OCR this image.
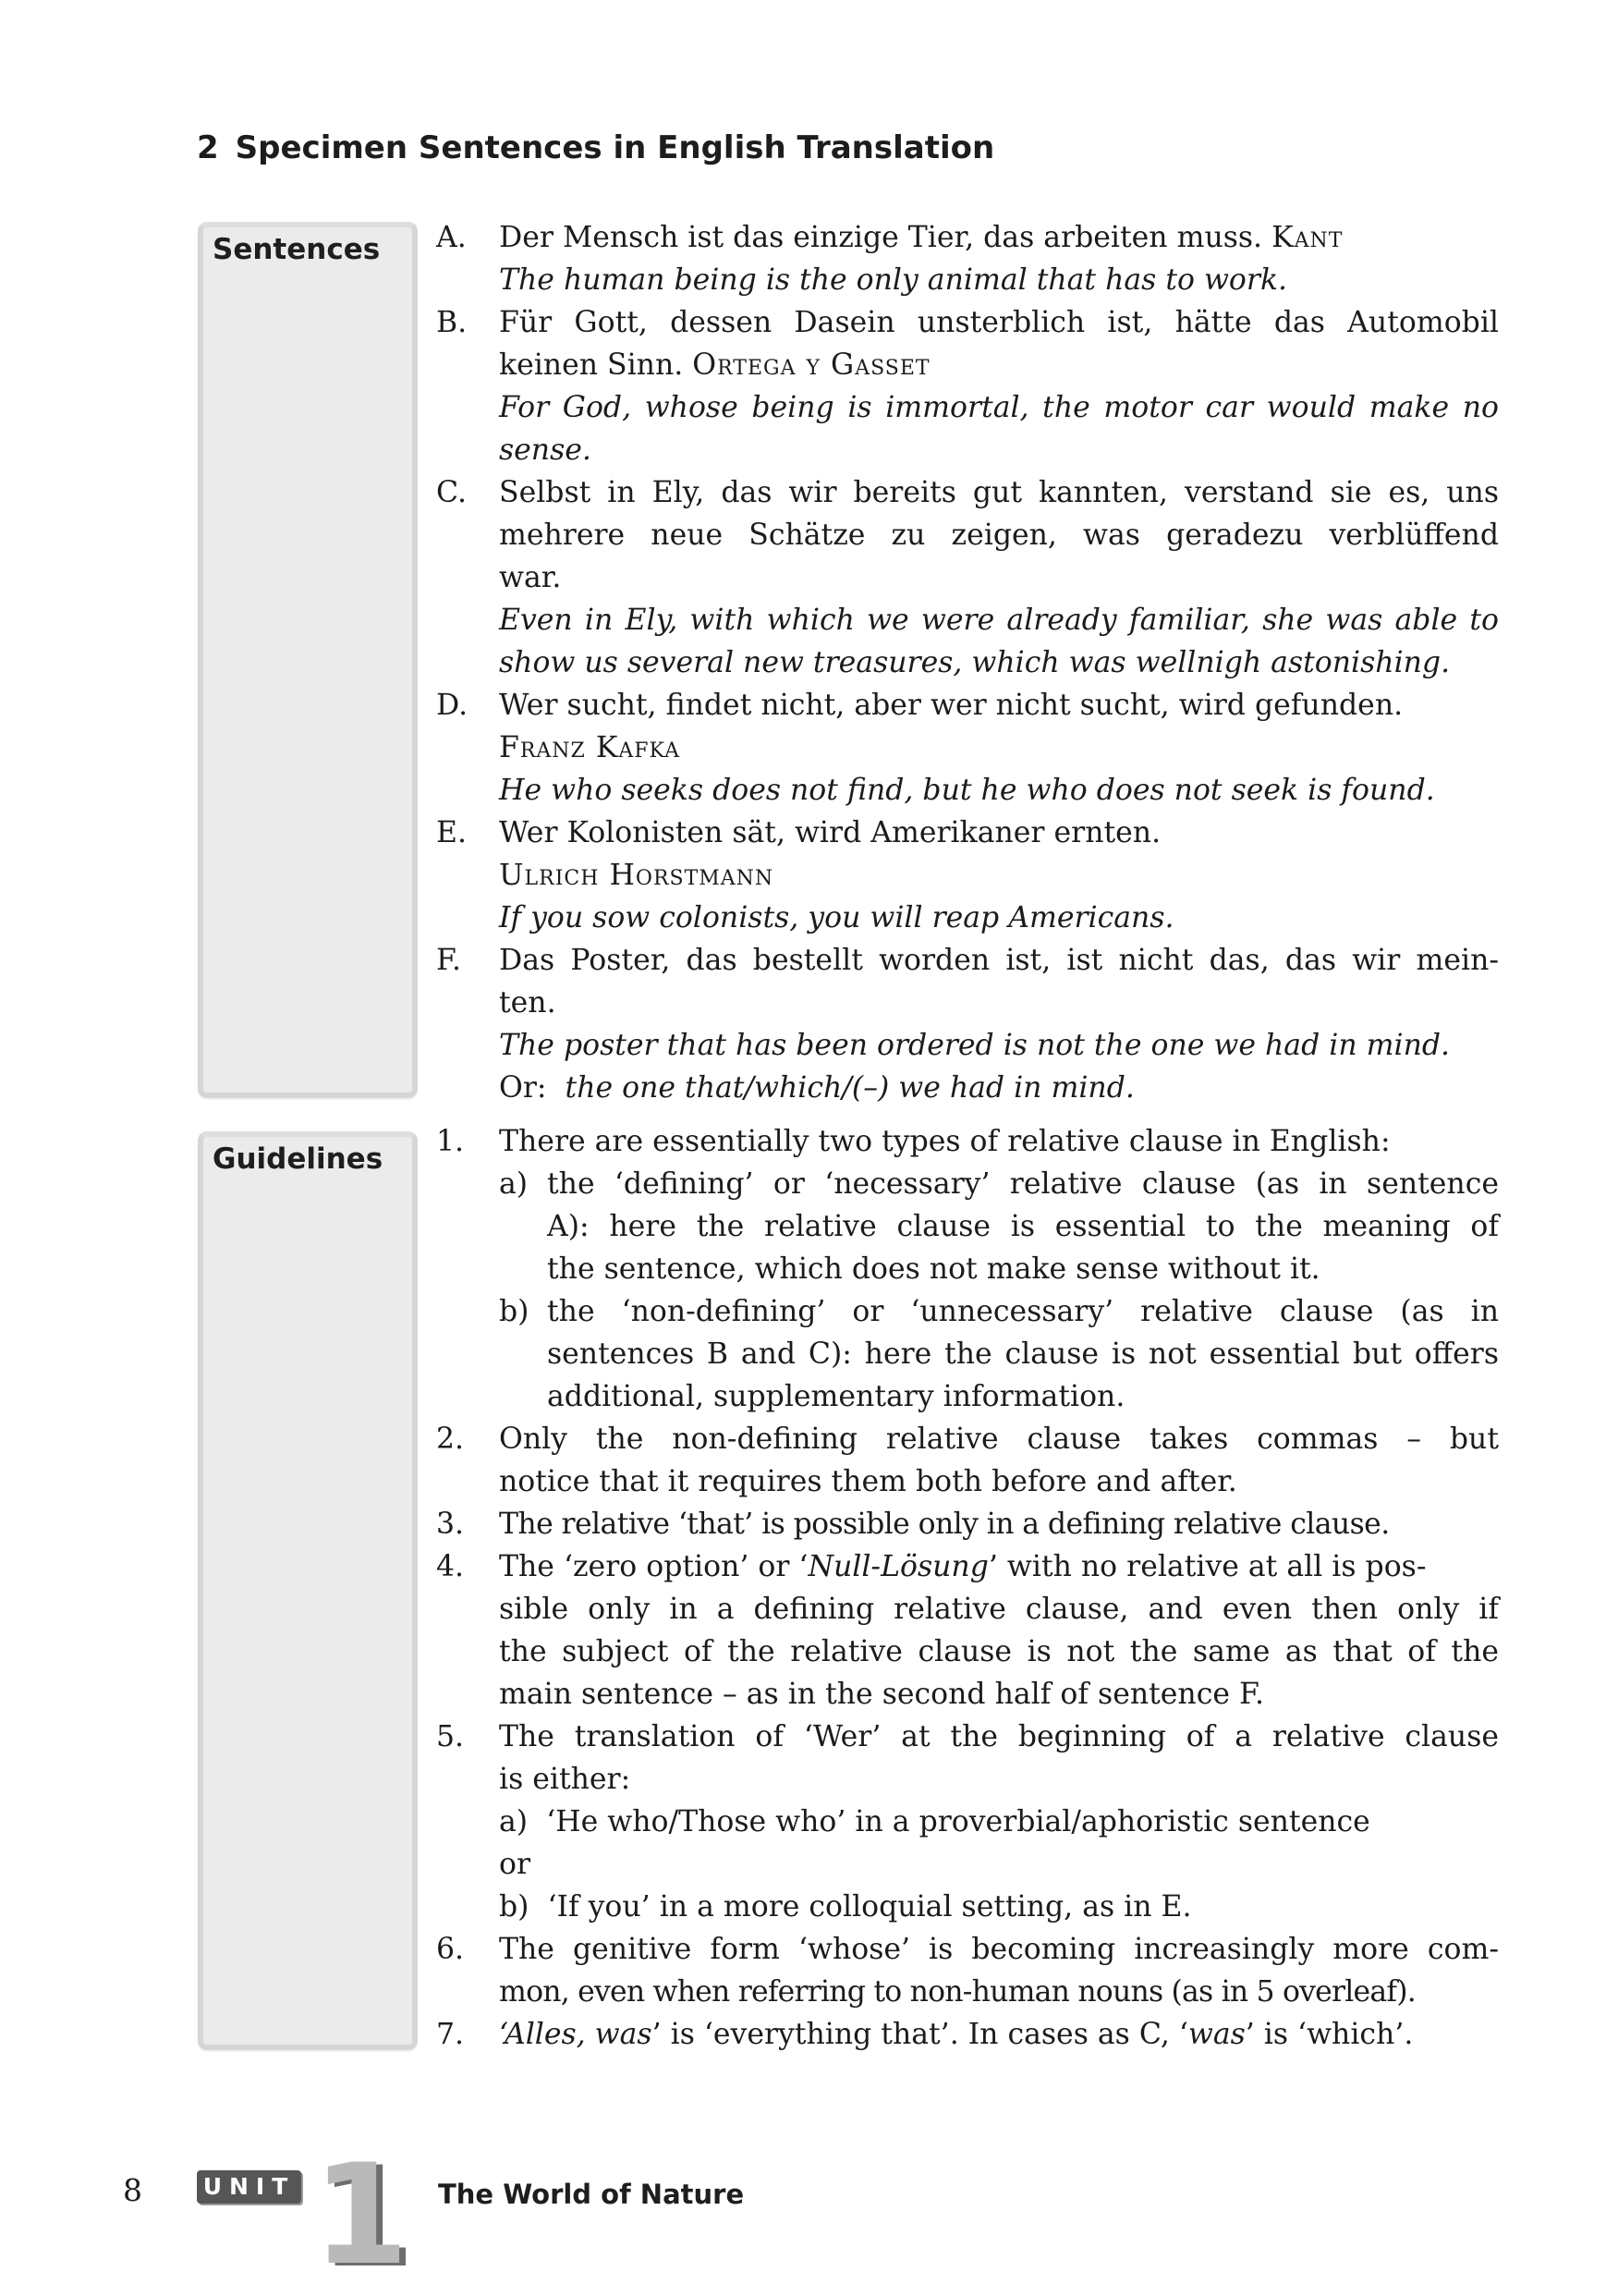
2 Specimen Sentences in English Translation
Sentences A. Der Mensch ist das einzige Tier, das arbeiten muss. Kant
The human being is the only animal that has to work.
B. Für Gott, dessen Dasein unsterblich ist, hätte das Automobil
keinen Sinn. Ortega y Gasset
For God, whose being is immortal, the motor car would make no
sense.
C. Selbst in Ely, das wir bereits gut kannten, verstand sie es, uns
mehrere neue Schätze zu zeigen, was geradezu verblüffend
war.
Even in Ely, with which we were already familiar, she was able to
show us several new treasures, which was wellnigh astonishing.
D. Wer sucht, findet nicht, aber wer nicht sucht, wird gefunden.
Franz Kafka
He who seeks does not find, but he who does not seek is found.
E. Wer Kolonisten sät, wird Amerikaner ernten.
Ulrich Horstmann
If you sow colonists, you will reap Americans.
F. Das Poster, das bestellt worden ist, ist nicht das, das wir mein-
ten.
The poster that has been ordered is not the one we had in mind.
Or: the one that/which/(–) we had in mind.
Guidelines
1. There are essentially two types of relative clause in English:
a) the ‘defining’ or ‘necessary’ relative clause (as in sentence
A): here the relative clause is essential to the meaning of
the sentence, which does not make sense without it.
b) the ‘non-defining’ or ‘unnecessary’ relative clause (as in
sentences B and C): here the clause is not essential but offers
additional, supplementary information.
2. Only the non-defining relative clause takes commas – but
notice that it requires them both before and after.
3. The relative ‘that’ is possible only in a defining relative clause.
4. The ‘zero option’ or ‘Null-Lösung’ with no relative at all is pos-
sible only in a defining relative clause, and even then only if
the subject of the relative clause is not the same as that of the
main sentence – as in the second half of sentence F.
5. The translation of ‘Wer’ at the beginning of a relative clause
is either:
a) ‘He who/Those who’ in a proverbial/aphoristic sentence
or
b) ‘If you’ in a more colloquial setting, as in E.
6. The genitive form ‘whose’ is becoming increasingly more com-
mon, even when referring to non-human nouns (as in 5 overleaf).
7. ‘Alles, was’ is ‘everything that’. In cases as C, ‘was’ is ‘which’.
8	UNIT 1 The World of Nature
